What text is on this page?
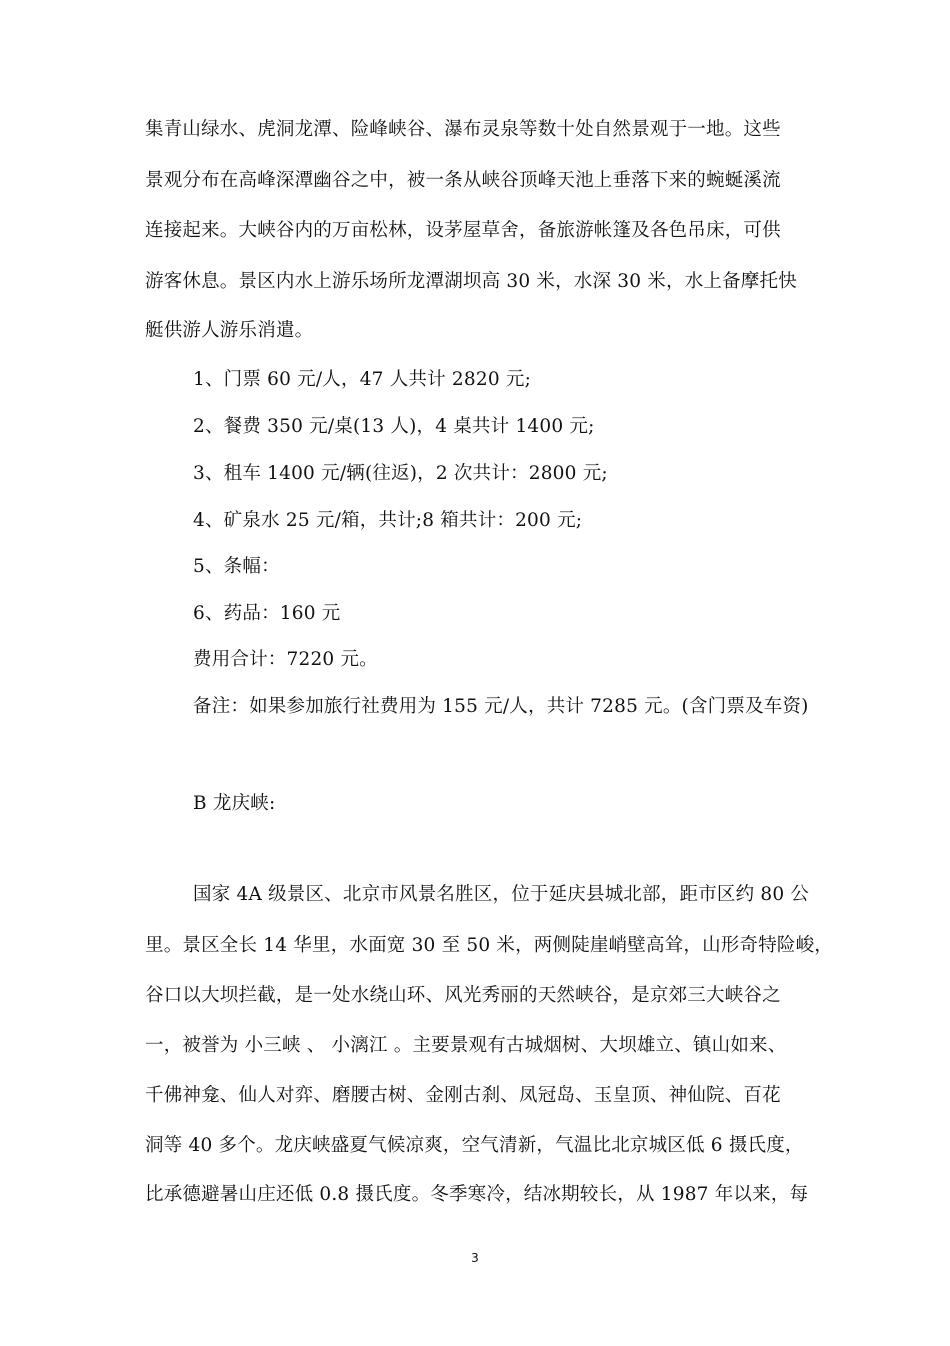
集青山绿水、虎洞龙潭、险峰峡谷、瀑布灵泉等数十处自然景观于一地。这些
景观分布在高峰深潭幽谷之中，被一条从峡谷顶峰天池上垂落下来的蜿蜒溪流
连接起来。大峡谷内的万亩松林，设茅屋草舍，备旅游帐篷及各色吊床，可供
游客休息。景区内水上游乐场所龙潭湖坝高 30 米，水深 30 米，水上备摩托快
艇供游人游乐消遣。
1、门票 60 元/人，47 人共计 2820 元;
2、餐费 350 元/桌(13 人)，4 桌共计 1400 元;
3、租车 1400 元/辆(往返)，2 次共计：2800 元;
4、矿泉水 25 元/箱，共计;8 箱共计：200 元;
5、条幅：
6、药品：160 元
费用合计：7220 元。
备注：如果参加旅行社费用为 155 元/人，共计 7285 元。(含门票及车资)
B 龙庆峡:
国家 4A 级景区、北京市风景名胜区，位于延庆县城北部，距市区约 80 公
里。景区全长 14 华里，水面宽 30 至 50 米，两侧陡崖峭壁高耸，山形奇特险峻，
谷口以大坝拦截，是一处水绕山环、风光秀丽的天然峡谷，是京郊三大峡谷之
一，被誉为 小三峡 、 小漓江 。主要景观有古城烟树、大坝雄立、镇山如来、
千佛神龛、仙人对弈、磨腰古树、金刚古刹、凤冠岛、玉皇顶、神仙院、百花
洞等 40 多个。龙庆峡盛夏气候凉爽，空气清新，气温比北京城区低 6 摄氏度，
比承德避暑山庄还低 0.8 摄氏度。冬季寒冷，结冰期较长，从 1987 年以来，每
3
